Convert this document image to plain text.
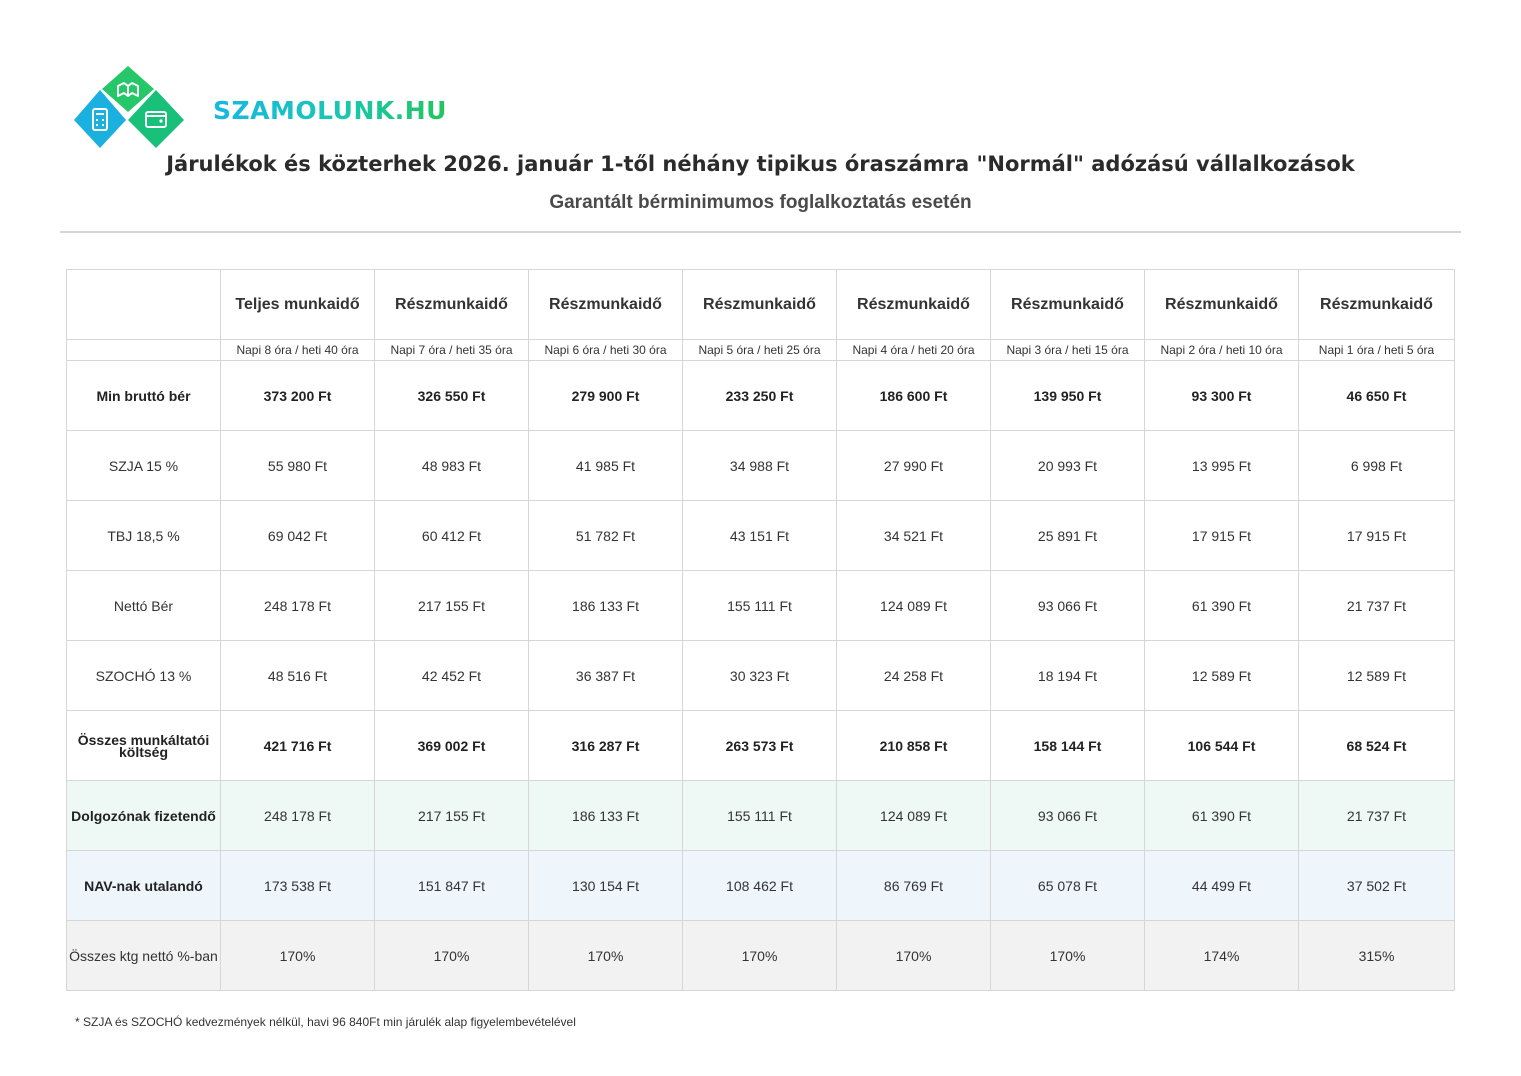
SZAMOLUNK.HU
Járulékok és közterhek 2026. január 1-től néhány tipikus óraszámra "Normál" adózású vállalkozások
Garantált bérminimumos foglalkoztatás esetén
	Teljes munkaidő	Részmunkaidő	Részmunkaidő	Részmunkaidő	Részmunkaidő	Részmunkaidő	Részmunkaidő	Részmunkaidő
	Napi 8 óra / heti 40 óra	Napi 7 óra / heti 35 óra	Napi 6 óra / heti 30 óra	Napi 5 óra / heti 25 óra	Napi 4 óra / heti 20 óra	Napi 3 óra / heti 15 óra	Napi 2 óra / heti 10 óra	Napi 1 óra / heti 5 óra
Min bruttó bér	373 200 Ft	326 550 Ft	279 900 Ft	233 250 Ft	186 600 Ft	139 950 Ft	93 300 Ft	46 650 Ft
SZJA 15 %	55 980 Ft	48 983 Ft	41 985 Ft	34 988 Ft	27 990 Ft	20 993 Ft	13 995 Ft	6 998 Ft
TBJ 18,5 %	69 042 Ft	60 412 Ft	51 782 Ft	43 151 Ft	34 521 Ft	25 891 Ft	17 915 Ft	17 915 Ft
Nettó Bér	248 178 Ft	217 155 Ft	186 133 Ft	155 111 Ft	124 089 Ft	93 066 Ft	61 390 Ft	21 737 Ft
SZOCHÓ 13 %	48 516 Ft	42 452 Ft	36 387 Ft	30 323 Ft	24 258 Ft	18 194 Ft	12 589 Ft	12 589 Ft
Összes munkáltatói költség	421 716 Ft	369 002 Ft	316 287 Ft	263 573 Ft	210 858 Ft	158 144 Ft	106 544 Ft	68 524 Ft
Dolgozónak fizetendő	248 178 Ft	217 155 Ft	186 133 Ft	155 111 Ft	124 089 Ft	93 066 Ft	61 390 Ft	21 737 Ft
NAV-nak utalandó	173 538 Ft	151 847 Ft	130 154 Ft	108 462 Ft	86 769 Ft	65 078 Ft	44 499 Ft	37 502 Ft
Összes ktg nettó %-ban	170%	170%	170%	170%	170%	170%	174%	315%
* SZJA és SZOCHÓ kedvezmények nélkül, havi 96 840Ft min járulék alap figyelembevételével
